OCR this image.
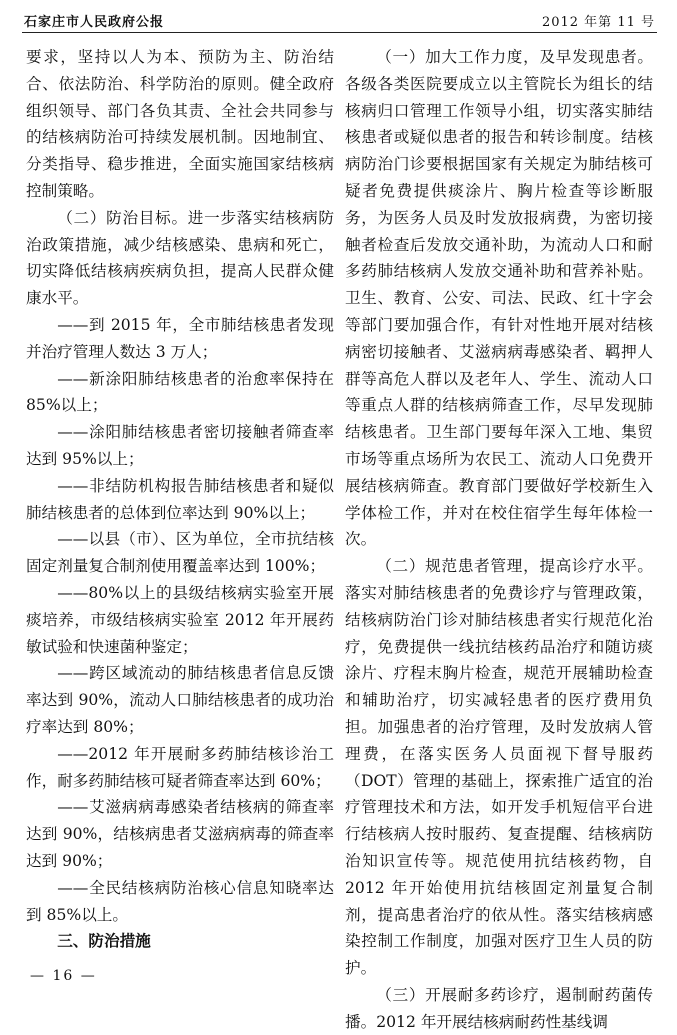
石家庄市人民政府公报	2012 年第 11 号

要求，坚持以人为本、预防为主、防治结合、依法防治、科学防治的原则。健全政府组织领导、部门各负其责、全社会共同参与的结核病防治可持续发展机制。因地制宜、分类指导、稳步推进，全面实施国家结核病控制策略。

（二）防治目标。进一步落实结核病防治政策措施，减少结核感染、患病和死亡，切实降低结核病疾病负担，提高人民群众健康水平。

——到 2015 年，全市肺结核患者发现并治疗管理人数达 3 万人；

——新涂阳肺结核患者的治愈率保持在 85%以上；

——涂阳肺结核患者密切接触者筛查率达到 95%以上；

——非结防机构报告肺结核患者和疑似肺结核患者的总体到位率达到 90%以上；

——以县（市）、区为单位，全市抗结核固定剂量复合制剂使用覆盖率达到 100%；

——80%以上的县级结核病实验室开展痰培养，市级结核病实验室 2012 年开展药敏试验和快速菌种鉴定；

——跨区域流动的肺结核患者信息反馈率达到 90%，流动人口肺结核患者的成功治疗率达到 80%；

——2012 年开展耐多药肺结核诊治工作，耐多药肺结核可疑者筛查率达到 60%；

——艾滋病病毒感染者结核病的筛查率达到 90%，结核病患者艾滋病病毒的筛查率达到 90%；

——全民结核病防治核心信息知晓率达到 85%以上。

三、防治措施

（一）加大工作力度，及早发现患者。各级各类医院要成立以主管院长为组长的结核病归口管理工作领导小组，切实落实肺结核患者或疑似患者的报告和转诊制度。结核病防治门诊要根据国家有关规定为肺结核可疑者免费提供痰涂片、胸片检查等诊断服务，为医务人员及时发放报病费，为密切接触者检查后发放交通补助，为流动人口和耐多药肺结核病人发放交通补助和营养补贴。卫生、教育、公安、司法、民政、红十字会等部门要加强合作，有针对性地开展对结核病密切接触者、艾滋病病毒感染者、羁押人群等高危人群以及老年人、学生、流动人口等重点人群的结核病筛查工作，尽早发现肺结核患者。卫生部门要每年深入工地、集贸市场等重点场所为农民工、流动人口免费开展结核病筛查。教育部门要做好学校新生入学体检工作，并对在校住宿学生每年体检一次。

（二）规范患者管理，提高诊疗水平。落实对肺结核患者的免费诊疗与管理政策，结核病防治门诊对肺结核患者实行规范化治疗，免费提供一线抗结核药品治疗和随访痰涂片、疗程末胸片检查，规范开展辅助检查和辅助治疗，切实减轻患者的医疗费用负担。加强患者的治疗管理，及时发放病人管理费，在落实医务人员面视下督导服药（DOT）管理的基础上，探索推广适宜的治疗管理技术和方法，如开发手机短信平台进行结核病人按时服药、复查提醒、结核病防治知识宣传等。规范使用抗结核药物，自 2012 年开始使用抗结核固定剂量复合制剂，提高患者治疗的依从性。落实结核病感染控制工作制度，加强对医疗卫生人员的防护。

（三）开展耐多药诊疗，遏制耐药菌传播。2012 年开展结核病耐药性基线调

— 16 —
